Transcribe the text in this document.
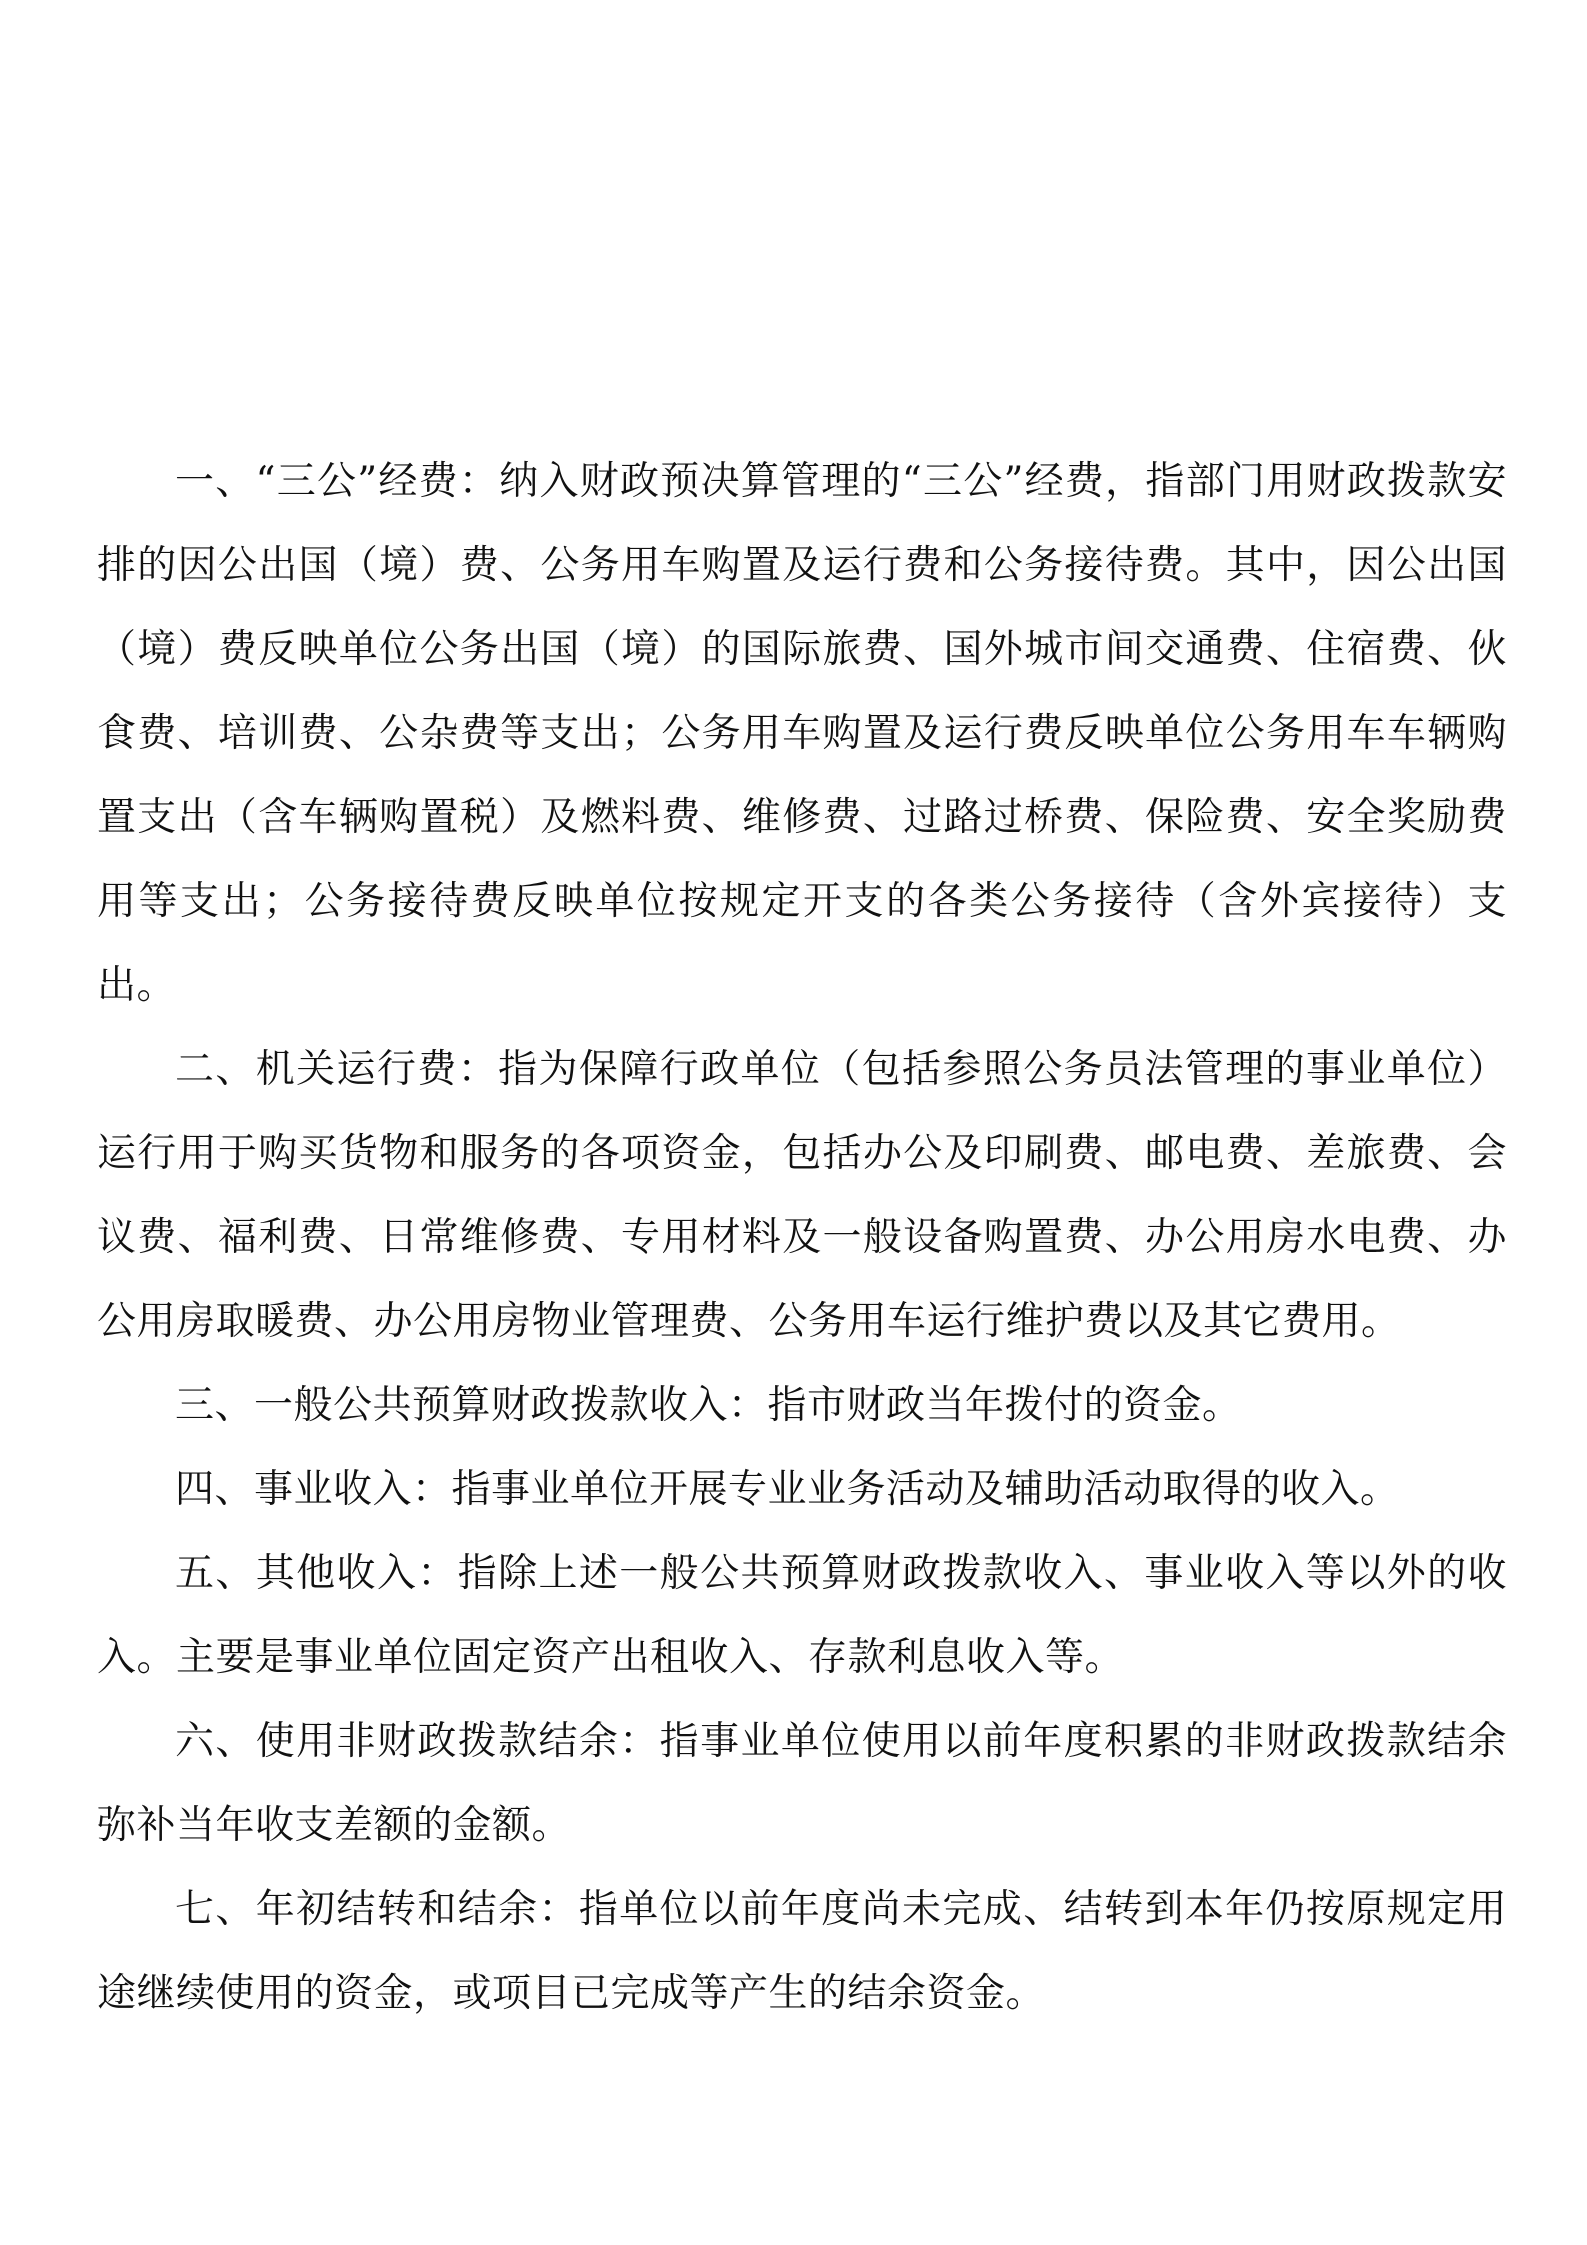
一、“三公”经费：纳入财政预决算管理的“三公”经费，指部门用财政拨款安排的因公出国（境）费、公务用车购置及运行费和公务接待费。其中，因公出国（境）费反映单位公务出国（境）的国际旅费、国外城市间交通费、住宿费、伙食费、培训费、公杂费等支出；公务用车购置及运行费反映单位公务用车车辆购置支出（含车辆购置税）及燃料费、维修费、过路过桥费、保险费、安全奖励费用等支出；公务接待费反映单位按规定开支的各类公务接待（含外宾接待）支出。

二、机关运行费：指为保障行政单位（包括参照公务员法管理的事业单位）运行用于购买货物和服务的各项资金，包括办公及印刷费、邮电费、差旅费、会议费、福利费、日常维修费、专用材料及一般设备购置费、办公用房水电费、办公用房取暖费、办公用房物业管理费、公务用车运行维护费以及其它费用。

三、一般公共预算财政拨款收入：指市财政当年拨付的资金。

四、事业收入：指事业单位开展专业业务活动及辅助活动取得的收入。

五、其他收入：指除上述一般公共预算财政拨款收入、事业收入等以外的收入。主要是事业单位固定资产出租收入、存款利息收入等。

六、使用非财政拨款结余：指事业单位使用以前年度积累的非财政拨款结余弥补当年收支差额的金额。

七、年初结转和结余：指单位以前年度尚未完成、结转到本年仍按原规定用途继续使用的资金，或项目已完成等产生的结余资金。
